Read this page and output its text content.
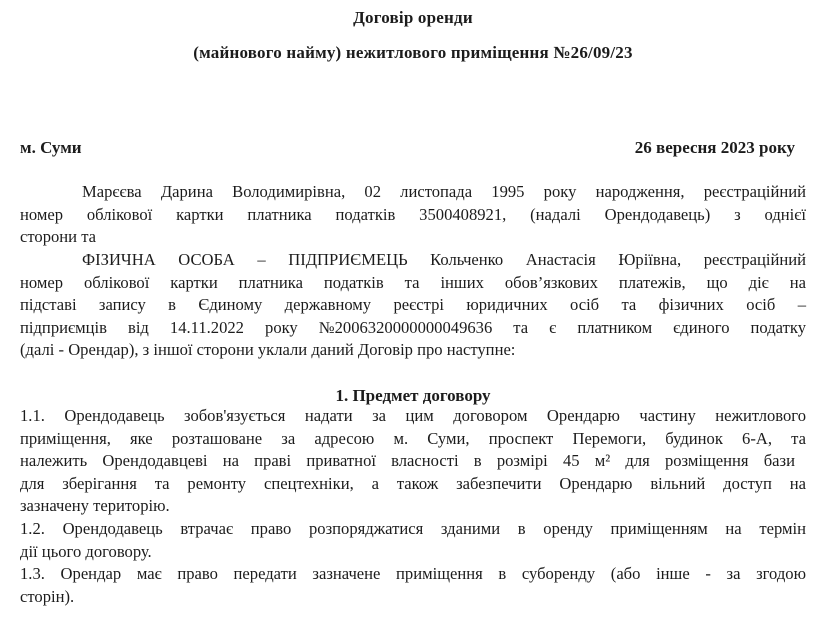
Договір оренди
(майнового найму) нежитлового приміщення №26/09/23
м. Суми	26 вересня 2023 року
Марєєва Дарина Володимирівна, 02 листопада 1995 року народження, реєстраційний
номер облікової картки платника податків 3500408921, (надалі Орендодавець) з однієї
сторони та
ФІЗИЧНА ОСОБА – ПІДПРИЄМЕЦЬ Кольченко Анастасія Юріївна, реєстраційний
номер облікової картки платника податків та інших обов’язкових платежів, що діє на
підставі запису в Єдиному державному реєстрі юридичних осіб та фізичних осіб –
підприємців від 14.11.2022 року №2006320000000049636 та є платником єдиного податку
(далі - Орендар), з іншої сторони уклали даний Договір про наступне:
1. Предмет договору
1.1. Орендодавець зобов'язується надати за цим договором Орендарю частину нежитлового
приміщення, яке розташоване за адресою м. Суми, проспект Перемоги, будинок 6-А, та
належить Орендодавцеві на праві приватної власності в розмірі 45 м² для розміщення бази
для зберігання та ремонту спецтехніки, а також забезпечити Орендарю вільний доступ на
зазначену територію.
1.2. Орендодавець втрачає право розпоряджатися зданими в оренду приміщенням на термін
дії цього договору.
1.3. Орендар має право передати зазначене приміщення в суборенду (або інше - за згодою
сторін).
